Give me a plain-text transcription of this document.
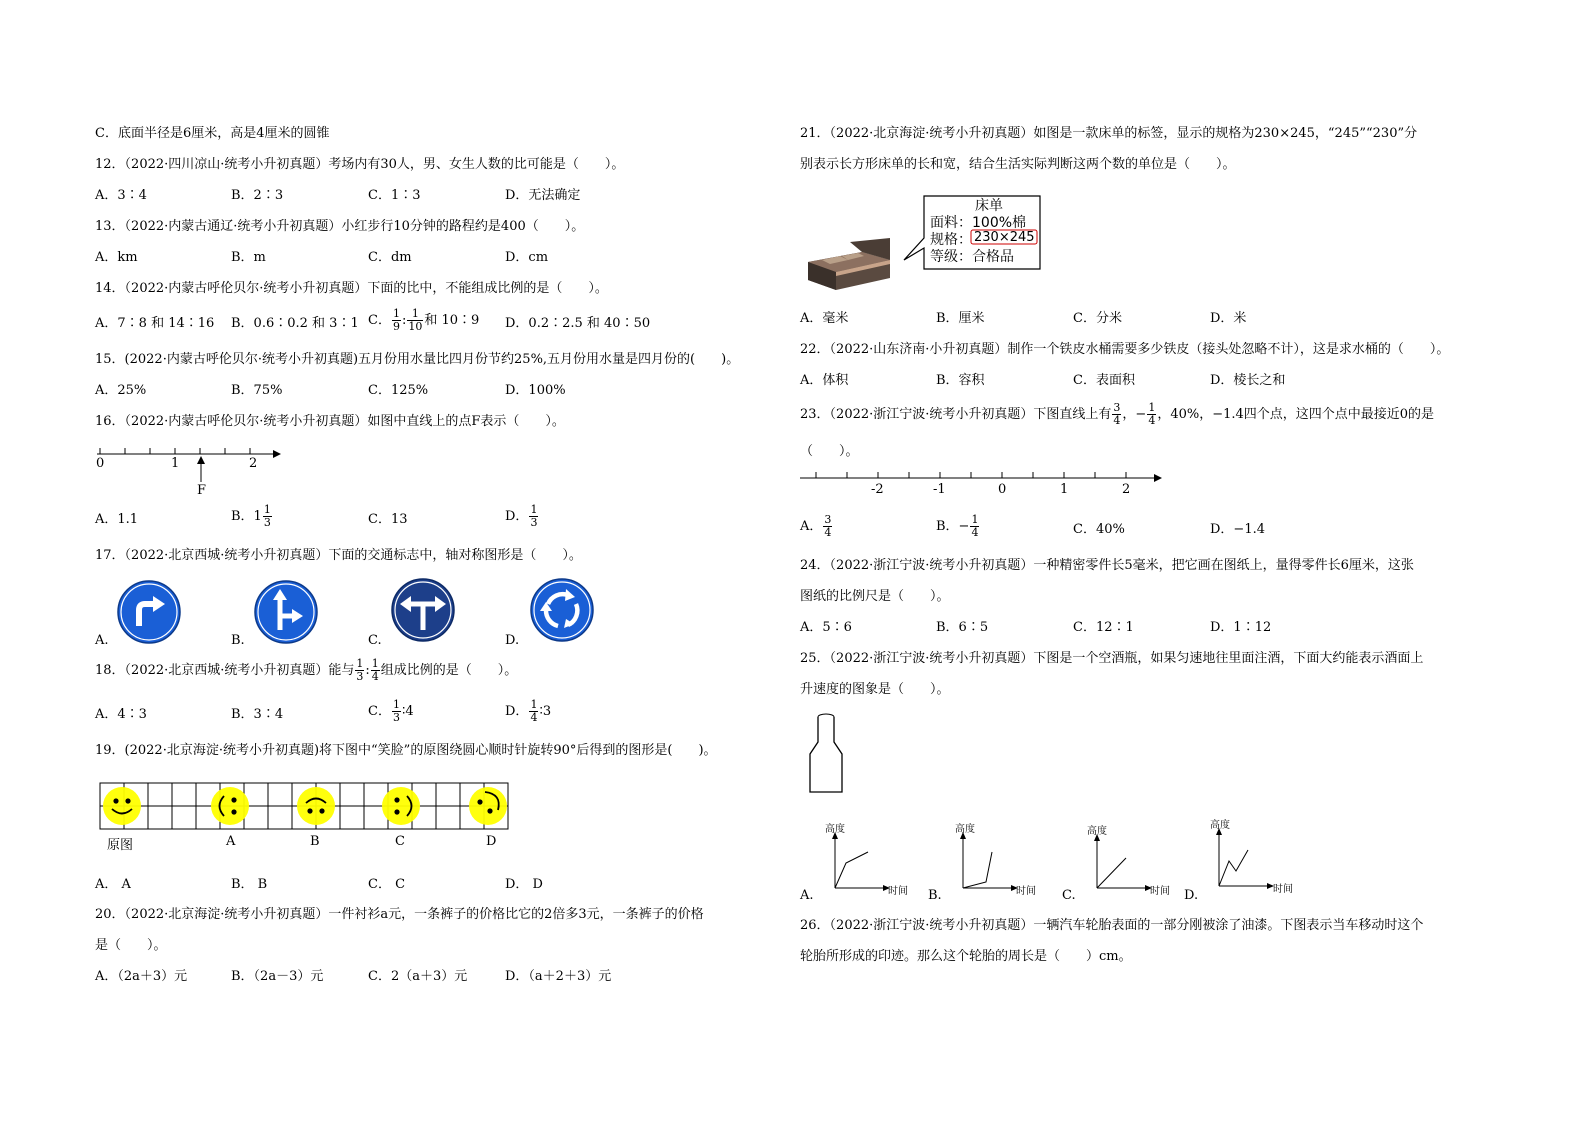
C．底面半径是6厘米，高是4厘米的圆锥
12．（2022·四川凉山·统考小升初真题）考场内有30人，男、女生人数的比可能是（　　）。
A．3∶4	B．2∶3	C．1∶3	D．无法确定
13．（2022·内蒙古通辽·统考小升初真题）小红步行10分钟的路程约是400（　　）。
A．km	B．m	C．dm	D．cm
14．（2022·内蒙古呼伦贝尔·统考小升初真题）下面的比中，不能组成比例的是（　　）。
A．7∶8 和 14∶16 B．0.6∶0.2 和 3∶1 C． $\frac{1}{9}$ : $\frac{1}{10}$ 和 10∶9 D．0.2∶2.5 和 40∶50
15．(2022·内蒙古呼伦贝尔·统考小升初真题)五月份用水量比四月份节约25%,五月份用水量是四月份的(　　)。
A．25%	B．75%	C．125%	D．100%
16．（2022·内蒙古呼伦贝尔·统考小升初真题）如图中直线上的点F表示（　　）。
0	1	2
F
A．1.1	B．$1 \frac{1}{3}$	C．13	D． $\frac{1}{3}$
17．（2022·北京西城·统考小升初真题）下面的交通标志中，轴对称图形是（　　）。
A.	B.	C.	D.
18．（2022·北京西城·统考小升初真题）能与 $\frac{1}{3}$ : $\frac{1}{4}$ 组成比例的是（　　）。
A．4∶3	B．3∶4	C． $\frac{1}{3}$ ∶4	D． $\frac{1}{4}$ ∶3
19．(2022·北京海淀·统考小升初真题)将下图中“笑脸”的原图绕圆心顺时针旋转90°后得到的图形是(　　)。
原图	A	B	C	D
A． A	B． B	C． C	D． D
20．（2022·北京海淀·统考小升初真题）一件衬衫a元，一条裤子的价格比它的2倍多3元，一条裤子的价格
是（　　）。
A．（2a＋3）元	B．（2a－3）元	C．2（a＋3）元	D．（a＋2＋3）元
21．（2022·北京海淀·统考小升初真题）如图是一款床单的标签，显示的规格为230×245，“245”“230”分
别表示长方形床单的长和宽，结合生活实际判断这两个数的单位是（　　）。
床单
面料：100%棉
规格： 230×245
等级：合格品
A．毫米	B．厘米	C．分米	D．米
22．（2022·山东济南·小升初真题）制作一个铁皮水桶需要多少铁皮（接头处忽略不计），这是求水桶的（　　）。
A．体积	B．容积	C．表面积	D．棱长之和
23．（2022·浙江宁波·统考小升初真题）下图直线上有 $\frac{3}{4}$ ，− $\frac{1}{4}$ ，40%，−1.4四个点，这四个点中最接近0的是
（　　）。
-2	-1	0	1	2
A． $\frac{3}{4}$	B．− $\frac{1}{4}$	C．40%	D．−1.4
24．（2022·浙江宁波·统考小升初真题）一种精密零件长5毫米，把它画在图纸上，量得零件长6厘米，这张
图纸的比例尺是（　　）。
A．5∶6	B．6∶5	C．12∶1	D．1∶12
25．（2022·浙江宁波·统考小升初真题）下图是一个空酒瓶，如果匀速地往里面注酒，下面大约能表示酒面上
升速度的图象是（　　）。
高度
时间
高度
时间
高度
时间
高度
时间
A.	B.	C.	D.
26．（2022·浙江宁波·统考小升初真题）一辆汽车轮胎表面的一部分刚被涂了油漆。下图表示当车移动时这个
轮胎所形成的印迹。那么这个轮胎的周长是（　　）cm。
